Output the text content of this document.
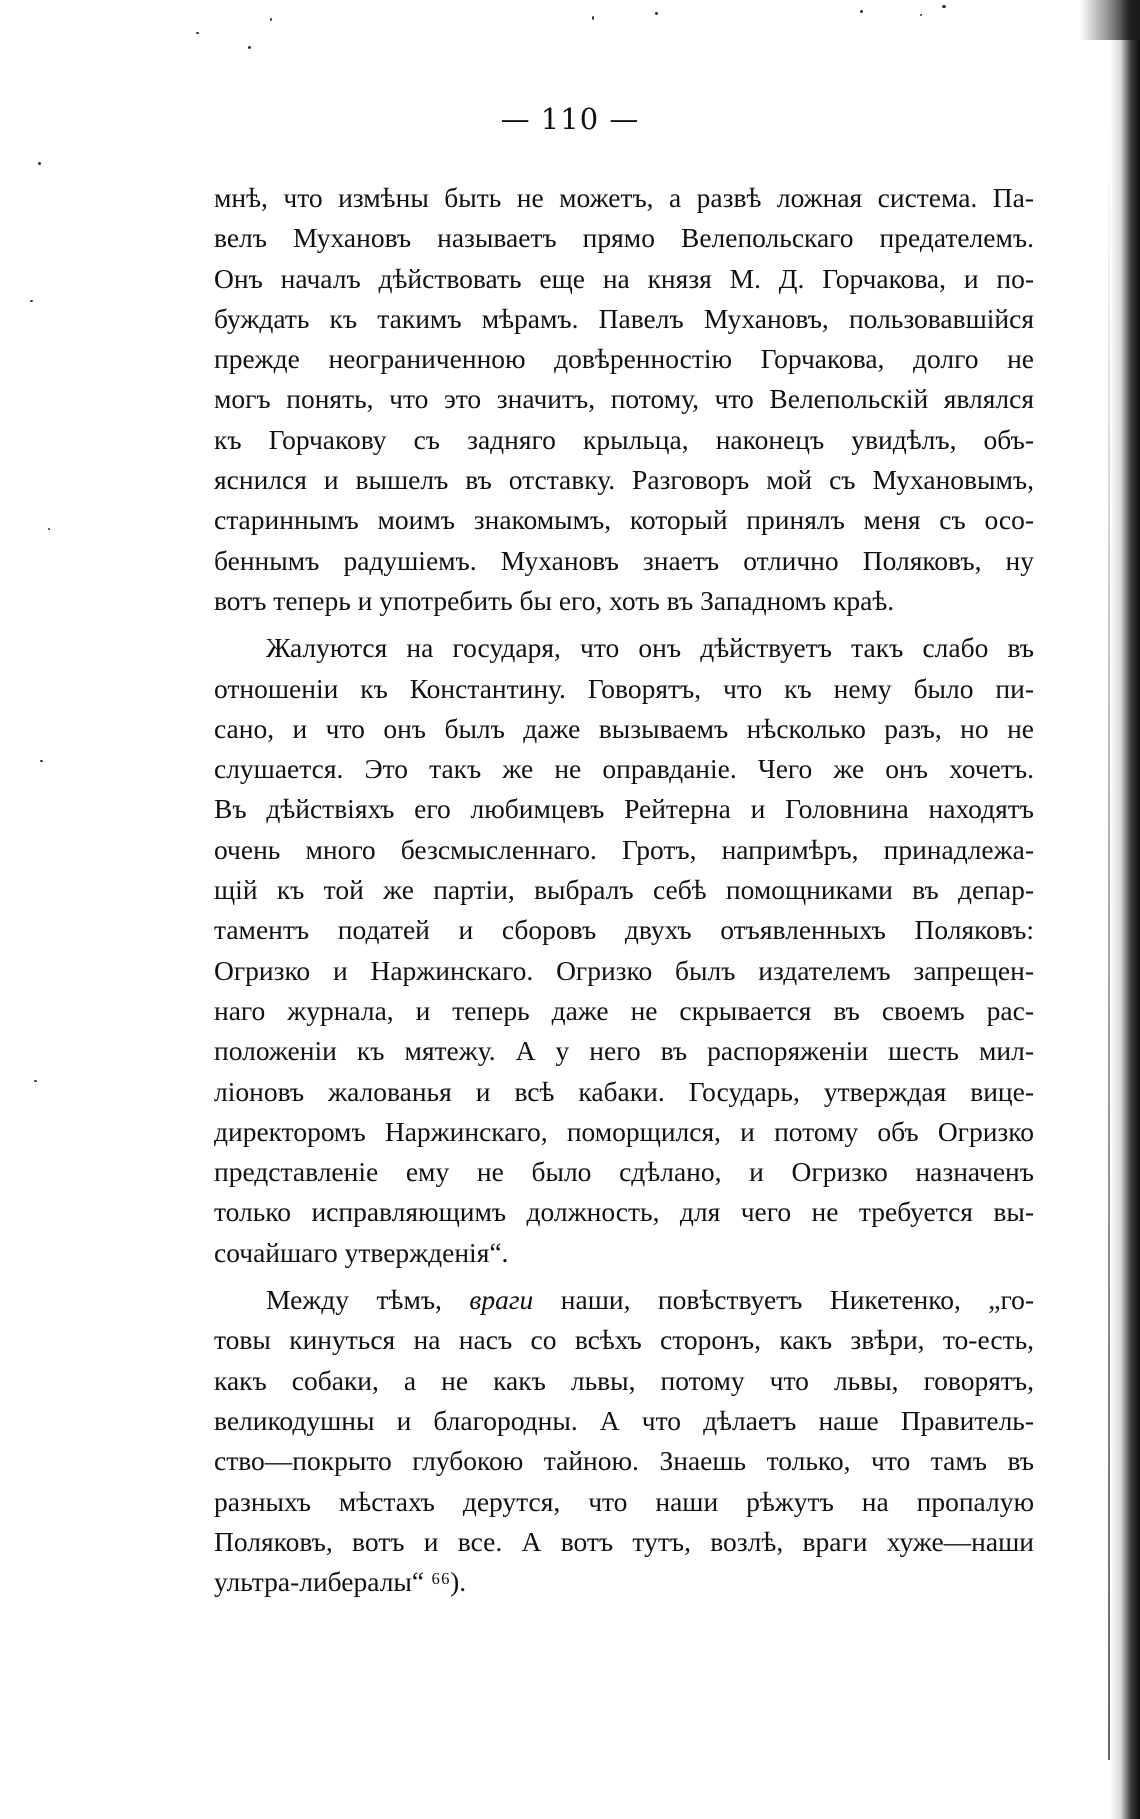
— 110 —
мнѣ, что измѣны быть не можетъ, а развѣ ложная система. Па-
велъ Мухановъ называетъ прямо Велепольскаго предателемъ.
Онъ началъ дѣйствовать еще на князя М. Д. Горчакова, и по-
буждать къ такимъ мѣрамъ. Павелъ Мухановъ, пользовавшійся
прежде неограниченною довѣренностію Горчакова, долго не
могъ понять, что это значитъ, потому, что Велепольскій являлся
къ Горчакову съ задняго крыльца, наконецъ увидѣлъ, объ-
яснился и вышелъ въ отставку. Разговоръ мой съ Мухановымъ,
стариннымъ моимъ знакомымъ, который принялъ меня съ осо-
беннымъ радушіемъ. Мухановъ знаетъ отлично Поляковъ, ну
вотъ теперь и употребить бы его, хоть въ Западномъ краѣ.
Жалуются на государя, что онъ дѣйствуетъ такъ слабо въ
отношеніи къ Константину. Говорятъ, что къ нему было пи-
сано, и что онъ былъ даже вызываемъ нѣсколько разъ, но не
слушается. Это такъ же не оправданіе. Чего же онъ хочетъ.
Въ дѣйствіяхъ его любимцевъ Рейтерна и Головнина находятъ
очень много безсмысленнаго. Гротъ, напримѣръ, принадлежа-
щій къ той же партіи, выбралъ себѣ помощниками въ депар-
таментъ податей и сборовъ двухъ отъявленныхъ Поляковъ:
Огризко и Наржинскаго. Огризко былъ издателемъ запрещен-
наго журнала, и теперь даже не скрывается въ своемъ рас-
положеніи къ мятежу. А у него въ распоряженіи шесть мил-
ліоновъ жалованья и всѣ кабаки. Государь, утверждая вице-
директоромъ Наржинскаго, поморщился, и потому объ Огризко
представленіе ему не было сдѣлано, и Огризко назначенъ
только исправляющимъ должность, для чего не требуется вы-
сочайшаго утвержденія“.
Между тѣмъ, враги наши, повѣствуетъ Никетенко, „го-
товы кинуться на насъ со всѣхъ сторонъ, какъ звѣри, то-есть,
какъ собаки, а не какъ львы, потому что львы, говорятъ,
великодушны и благородны. А что дѣлаетъ наше Правитель-
ство—покрыто глубокою тайною. Знаешь только, что тамъ въ
разныхъ мѣстахъ дерутся, что наши рѣжутъ на пропалую
Поляковъ, вотъ и все. А вотъ тутъ, возлѣ, враги хуже—наши
ультра-либералы“ ⁶⁶).
